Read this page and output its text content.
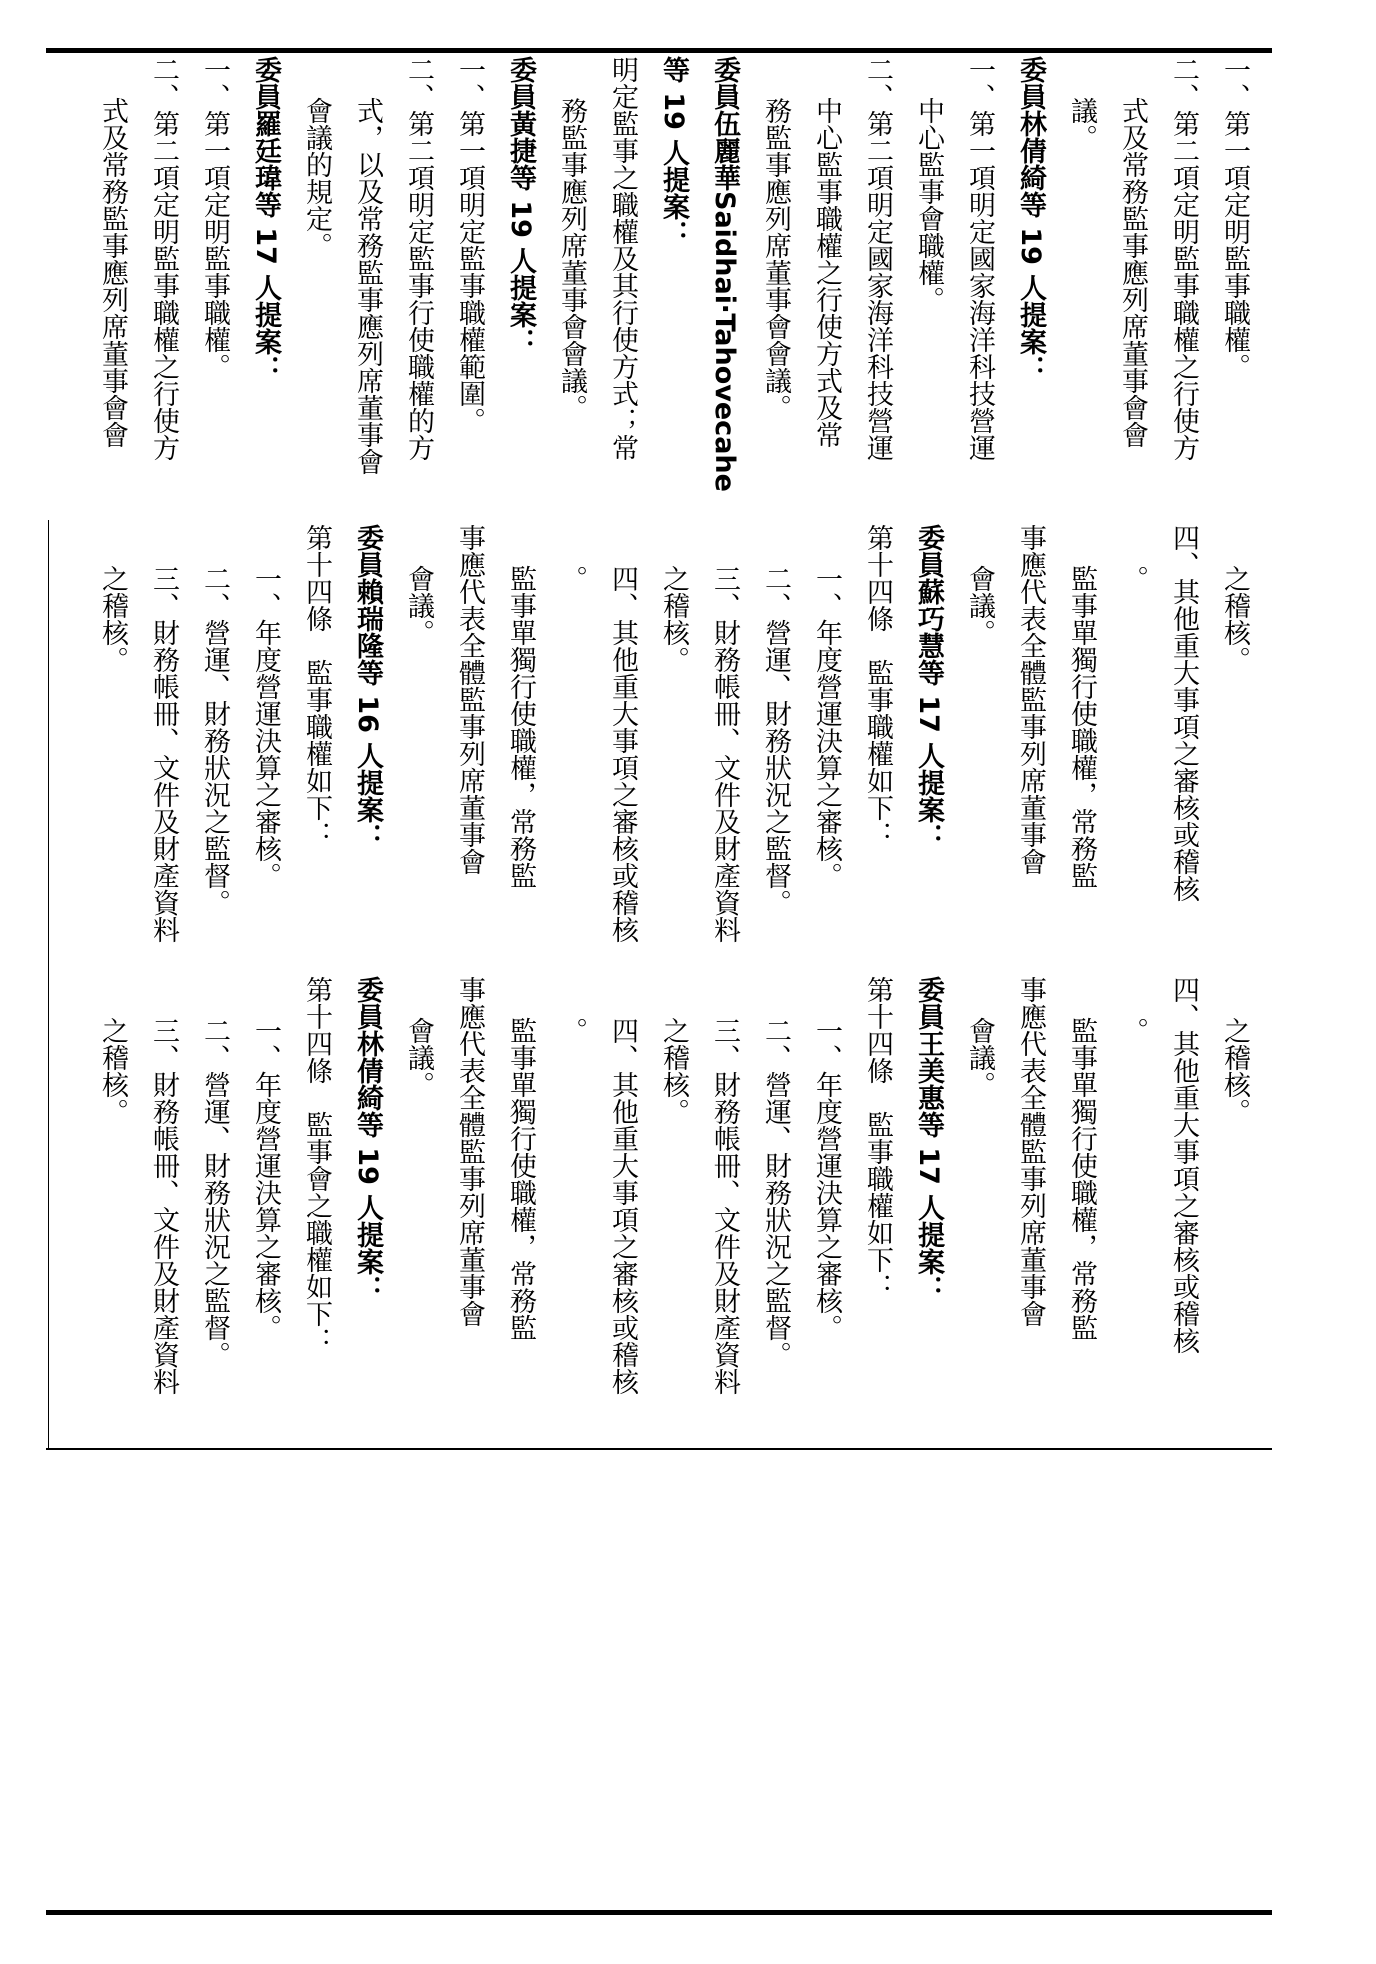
一、第一項定明監事職權。
二、第二項定明監事職權之行使方
式及常務監事應列席董事會會
議。
委員林倩綺等 19 人提案：
一、第一項明定國家海洋科技營運
中心監事會職權。
二、第二項明定國家海洋科技營運
中心監事職權之行使方式及常
務監事應列席董事會會議。
委員伍麗華Saidhai‧Tahovecahe
等 19 人提案：
明定監事之職權及其行使方式；常
務監事應列席董事會會議。
委員黃捷等 19 人提案：
一、第一項明定監事職權範圍。
二、第二項明定監事行使職權的方
式，以及常務監事應列席董事會
會議的規定。
委員羅廷瑋等 17 人提案：
一、第一項定明監事職權。
二、第二項定明監事職權之行使方
式及常務監事應列席董事會會
之稽核。
四、其他重大事項之審核或稽核
。
監事單獨行使職權，常務監
事應代表全體監事列席董事會
會議。
委員蘇巧慧等 17 人提案：
第十四條　監事職權如下：
一、年度營運決算之審核。
二、營運、財務狀況之監督。
三、財務帳冊、文件及財產資料
之稽核。
四、其他重大事項之審核或稽核
。
監事單獨行使職權，常務監
事應代表全體監事列席董事會
會議。
委員賴瑞隆等 16 人提案：
第十四條　監事職權如下：
一、年度營運決算之審核。
二、營運、財務狀況之監督。
三、財務帳冊、文件及財產資料
之稽核。
之稽核。
四、其他重大事項之審核或稽核
。
監事單獨行使職權，常務監
事應代表全體監事列席董事會
會議。
委員王美惠等 17 人提案：
第十四條　監事職權如下：
一、年度營運決算之審核。
二、營運、財務狀況之監督。
三、財務帳冊、文件及財產資料
之稽核。
四、其他重大事項之審核或稽核
。
監事單獨行使職權，常務監
事應代表全體監事列席董事會
會議。
委員林倩綺等 19 人提案：
第十四條　監事會之職權如下：
一、年度營運決算之審核。
二、營運、財務狀況之監督。
三、財務帳冊、文件及財產資料
之稽核。
